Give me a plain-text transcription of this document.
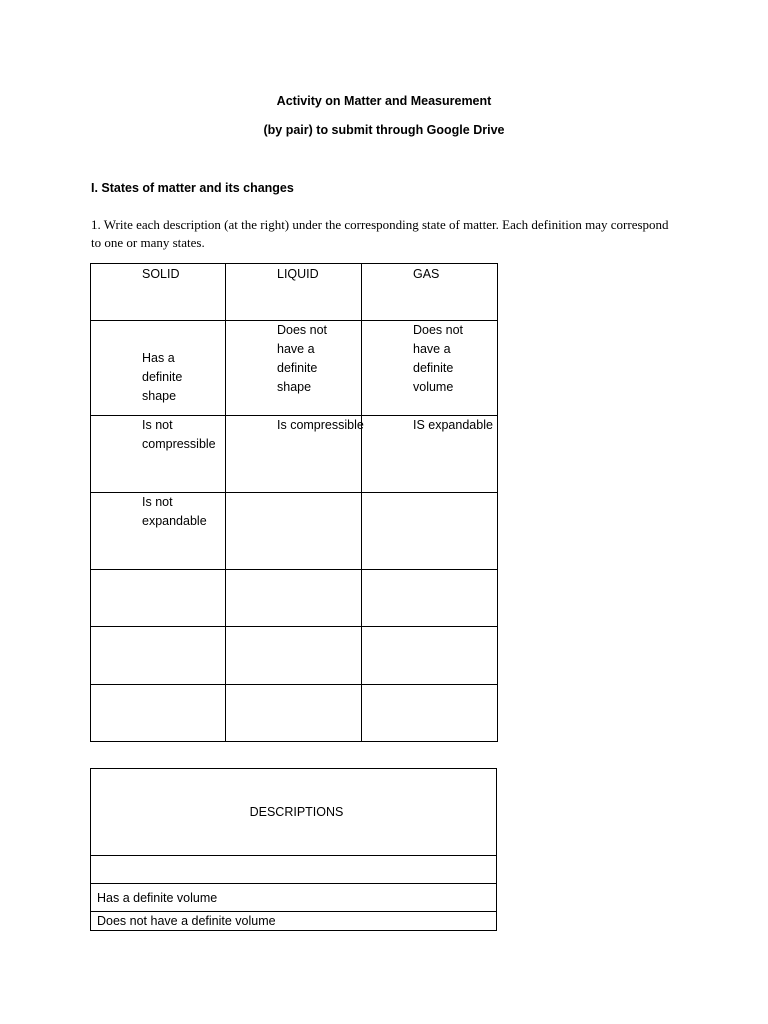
Activity on Matter and Measurement
(by pair) to submit through Google Drive
I. States of matter and its changes
1. Write each description (at the right) under the corresponding state of matter. Each definition may correspond to one or many states.
SOLID	LIQUID	GAS

Has a definite shape	Does not have a definite shape	Does not have a definite volume

Is not compressible	Is compressible	IS expandable

Is not expandable		

DESCRIPTIONS

Has a definite volume
Does not have a definite volume
